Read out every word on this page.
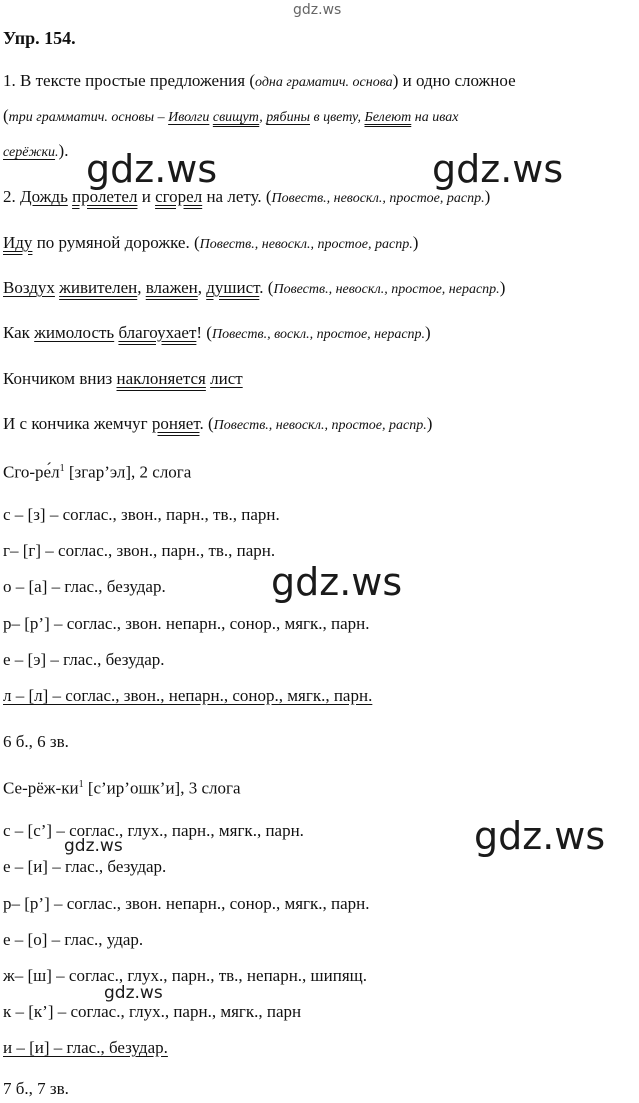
gdz.ws
gdz.ws	gdz.ws
gdz.ws
gdz.ws
gdz.ws
gdz.ws
Упр. 154.
1. В тексте простые предложения (одна граматич. основа) и одно сложное
(три грамматич. основы – Иволги свищут, рябины в цвету, Белеют на ивах
серёжки.).
2. Дождь пролетел и сгорел на лету. (Повеств., невоскл., простое, распр.)
Иду по румяной дорожке. (Повеств., невоскл., простое, распр.)
Воздух живителен, влажен, душист. (Повеств., невоскл., простое, нераспр.)
Как жимолость благоухает! (Повеств., воскл., простое, нераспр.)
Кончиком вниз наклоняется лист
И с кончика жемчуг роняет. (Повеств., невоскл., простое, распр.)
Сго-$ре́л^1$ [згар’эл], 2 слога
с – [з] – соглас., звон., парн., тв., парн.
г– [г] – соглас., звон., парн., тв., парн.
о – [а] – глас., безудар.
р– [р’] – соглас., звон. непарн., сонор., мягк., парн.
е – [э] – глас., безудар.
л – [л] – соглас., звон., непарн., сонор., мягк., парн.
6 б., 6 зв.
$Се-рёж-ки^1$ [с’ир’ошк’и], 3 слога
с – [с’] – соглас., глух., парн., мягк., парн.
е – [и] – глас., безудар.
р– [р’] – соглас., звон. непарн., сонор., мягк., парн.
е – [о] – глас., удар.
ж– [ш] – соглас., глух., парн., тв., непарн., шипящ.
к – [к’] – соглас., глух., парн., мягк., парн
и – [и] – глас., безудар.
7 б., 7 зв.
